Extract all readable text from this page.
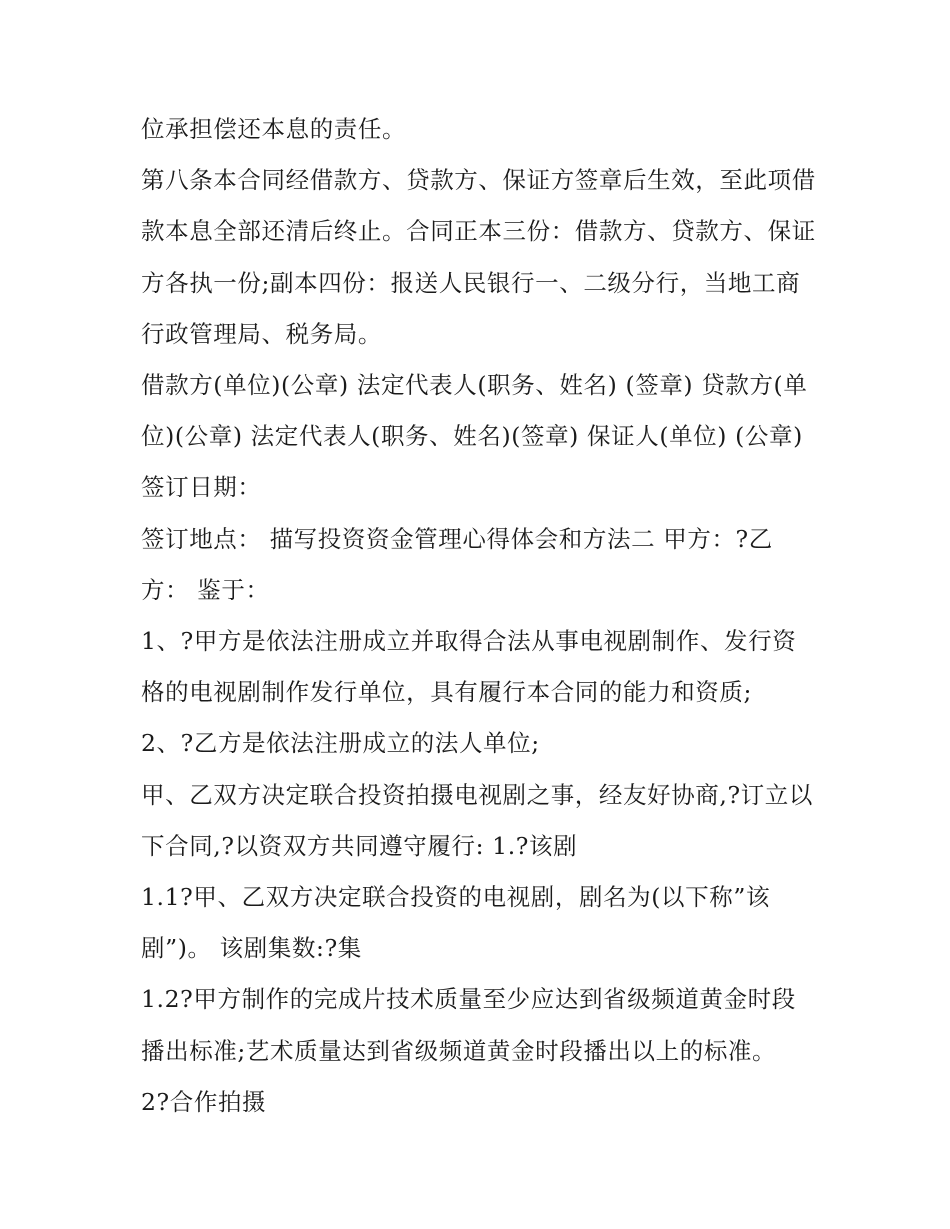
位承担偿还本息的责任。

第八条本合同经借款方、贷款方、保证方签章后生效，至此项借款本息全部还清后终止。合同正本三份：借款方、贷款方、保证方各执一份;副本四份：报送人民银行一、二级分行，当地工商行政管理局、税务局。

借款方(单位)(公章) 法定代表人(职务、姓名) (签章) 贷款方(单位)(公章) 法定代表人(职务、姓名)(签章) 保证人(单位) (公章) 签订日期：

签订地点： 描写投资资金管理心得体会和方法二 甲方：?乙方： 鉴于：

1、?甲方是依法注册成立并取得合法从事电视剧制作、发行资格的电视剧制作发行单位，具有履行本合同的能力和资质;

2、?乙方是依法注册成立的法人单位;

甲、乙双方决定联合投资拍摄电视剧之事，经友好协商,?订立以下合同,?以资双方共同遵守履行: 1.?该剧

1.1?甲、乙双方决定联合投资的电视剧，剧名为(以下称”该剧”)。 该剧集数:?集

1.2?甲方制作的完成片技术质量至少应达到省级频道黄金时段播出标准;艺术质量达到省级频道黄金时段播出以上的标准。

2?合作拍摄
